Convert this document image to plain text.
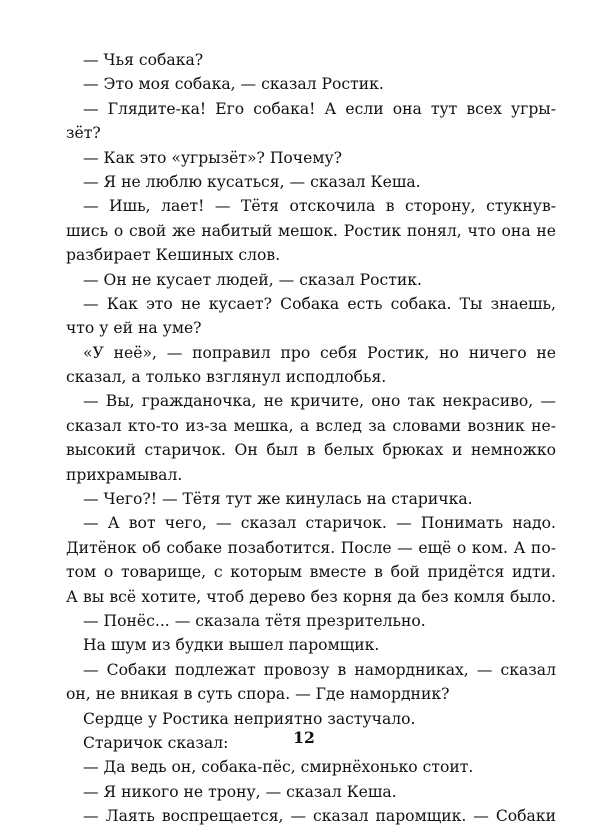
— Чья собака?
— Это моя собака, — сказал Ростик.
— Глядите-ка! Его собака! А если она тут всех угры-
зёт?
— Как это «угрызёт»? Почему?
— Я не люблю кусаться, — сказал Кеша.
— Ишь, лает! — Тётя отскочила в сторону, стукнув-
шись о свой же набитый мешок. Ростик понял, что она не
разбирает Кешиных слов.
— Он не кусает людей, — сказал Ростик.
— Как это не кусает? Собака есть собака. Ты знаешь,
что у ей на уме?
«У неё», — поправил про себя Ростик, но ничего не
сказал, а только взглянул исподлобья.
— Вы, гражданочка, не кричите, оно так некрасиво, —
сказал кто-то из-за мешка, а вслед за словами возник не-
высокий старичок. Он был в белых брюках и немножко
прихрамывал.
— Чего?! — Тётя тут же кинулась на старичка.
— А вот чего, — сказал старичок. — Понимать надо.
Дитёнок об собаке позаботится. После — ещё о ком. А по-
том о товарище, с которым вместе в бой придётся идти.
А вы всё хотите, чтоб дерево без корня да без комля было.
— Понёс... — сказала тётя презрительно.
На шум из будки вышел паромщик.
— Собаки подлежат провозу в намордниках, — сказал
он, не вникая в суть спора. — Где намордник?
Сердце у Ростика неприятно застучало.
Старичок сказал:
— Да ведь он, собака-пёс, смирнёхонько стоит.
— Я никого не трону, — сказал Кеша.
— Лаять воспрещается, — сказал паромщик. — Собаки
12
